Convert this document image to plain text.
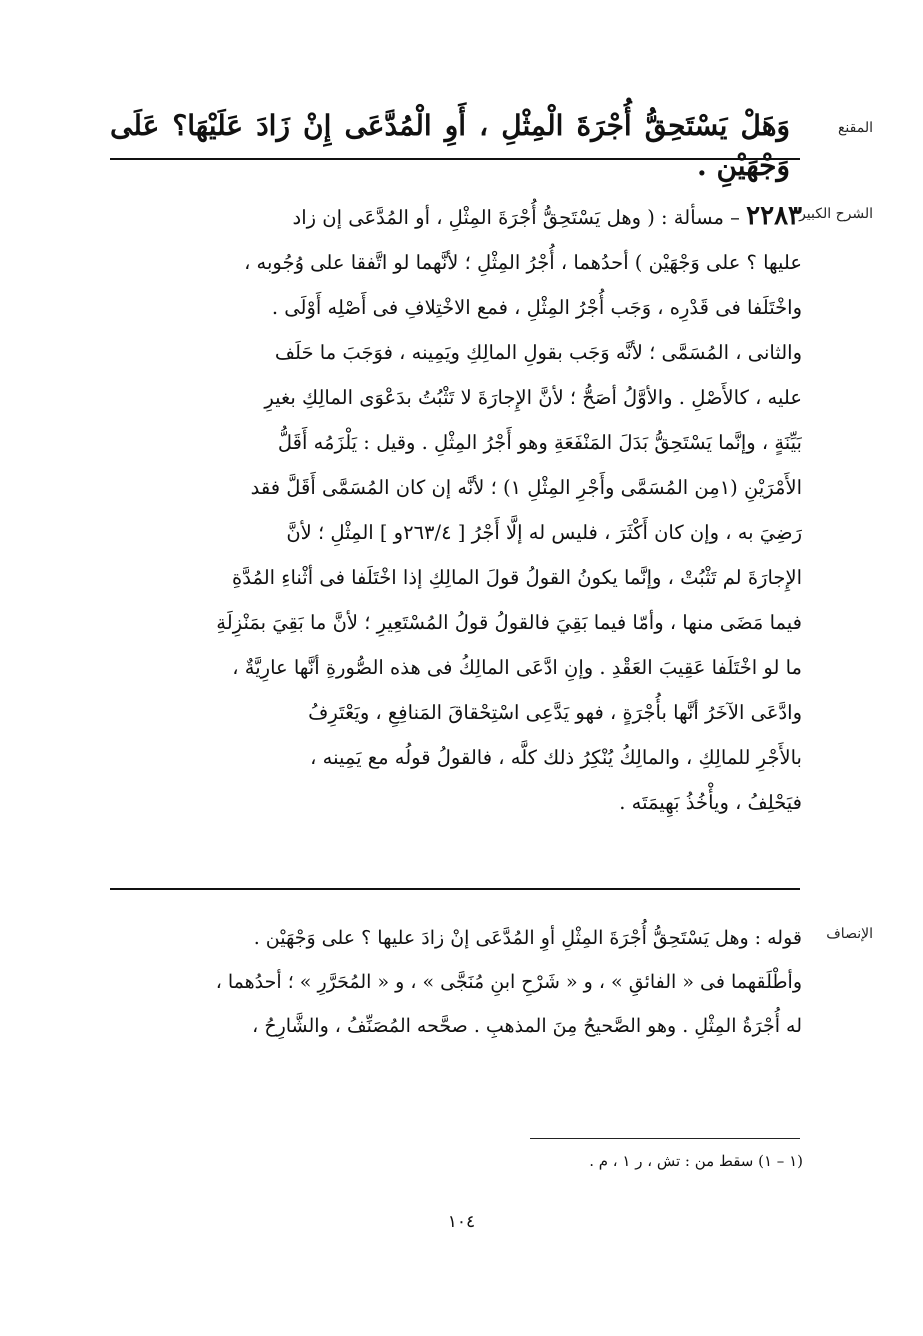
المقنع
وَهَلْ يَسْتَحِقُّ أُجْرَةَ الْمِثْلِ ، أَوِ الْمُدَّعَى إِنْ زَادَ عَلَيْهَا؟ عَلَى وَجْهَيْنِ .
الشرح الكبير
٢٢٨٣ – مسألة : ( وهل يَسْتَحِقُّ أُجْرَةَ المِثْلِ ، أو المُدَّعَى إن زاد
عليها ؟ على وَجْهَيْن ) أحدُهما ، أُجْرُ المِثْلِ ؛ لأنَّهما لو اتَّفقا على وُجُوبه ،
واخْتَلَفا فى قَدْرِه ، وَجَب أُجْرُ المِثْلِ ، فمع الاخْتِلافِ فى أَصْلِه أَوْلَى .
والثانى ، المُسَمَّى ؛ لأنَّه وَجَب بقولِ المالِكِ ويَمِينه ، فوَجَبَ ما حَلَف
عليه ، كالأَصْلِ . والأوَّلُ أصَحُّ ؛ لأنَّ الإِجارَةَ لا تَثْبُتُ بدَعْوَى المالِكِ بغيرِ
بَيِّنَةٍ ، وإنَّما يَسْتَحِقُّ بَدَلَ المَنْفَعَةِ وهو أَجْرُ المِثْلِ . وقيل : يَلْزَمُه أَقَلُّ
الأَمْرَيْنِ (١مِن المُسَمَّى وأَجْرِ المِثْلِ ١) ؛ لأنَّه إن كان المُسَمَّى أَقَلَّ فقد
رَضِيَ به ، وإن كان أَكْثَرَ ، فليس له إلَّا أَجْرُ [ ٢٦٣/٤و ] المِثْلِ ؛ لأنَّ
الإِجارَةَ لم تَثْبُتْ ، وإنَّما يكونُ القولُ قولَ المالِكِ إذا اخْتَلَفا فى أثْناءِ المُدَّةِ
فيما مَضَى منها ، وأمّا فيما بَقِيَ فالقولُ قولُ المُسْتَعِيرِ ؛ لأنَّ ما بَقِيَ بمَنْزِلَةِ
ما لو اخْتَلَفا عَقِيبَ العَقْدِ . وإنِ ادَّعَى المالِكُ فى هذه الصُّورةِ أنَّها عارِيَّةٌ ،
وادَّعَى الآخَرُ أنَّها بأُجْرَةٍ ، فهو يَدَّعِى اسْتِحْقاقَ المَنافِعِ ، ويَعْتَرِفُ
بالأَجْرِ للمالِكِ ، والمالِكُ يُنْكِرُ ذلك كلَّه ، فالقولُ قولُه مع يَمِينه ،
فيَحْلِفُ ، ويأْخُذُ بَهِيمَتَه .
الإنصاف
قوله : وهل يَسْتَحِقُّ أُجْرَةَ المِثْلِ أوِ المُدَّعَى إنْ زادَ عليها ؟ على وَجْهَيْن .
وأطْلَقهما فى « الفائقِ » ، و « شَرْحِ ابنِ مُنَجَّى » ، و « المُحَرَّرِ » ؛ أحدُهما ،
له أُجْرَةُ المِثْلِ . وهو الصَّحيحُ مِنَ المذهبِ . صحَّحه المُصَنِّفُ ، والشَّارِحُ ،
(١ – ١) سقط من : تش ، ر ١ ، م .
١٠٤
